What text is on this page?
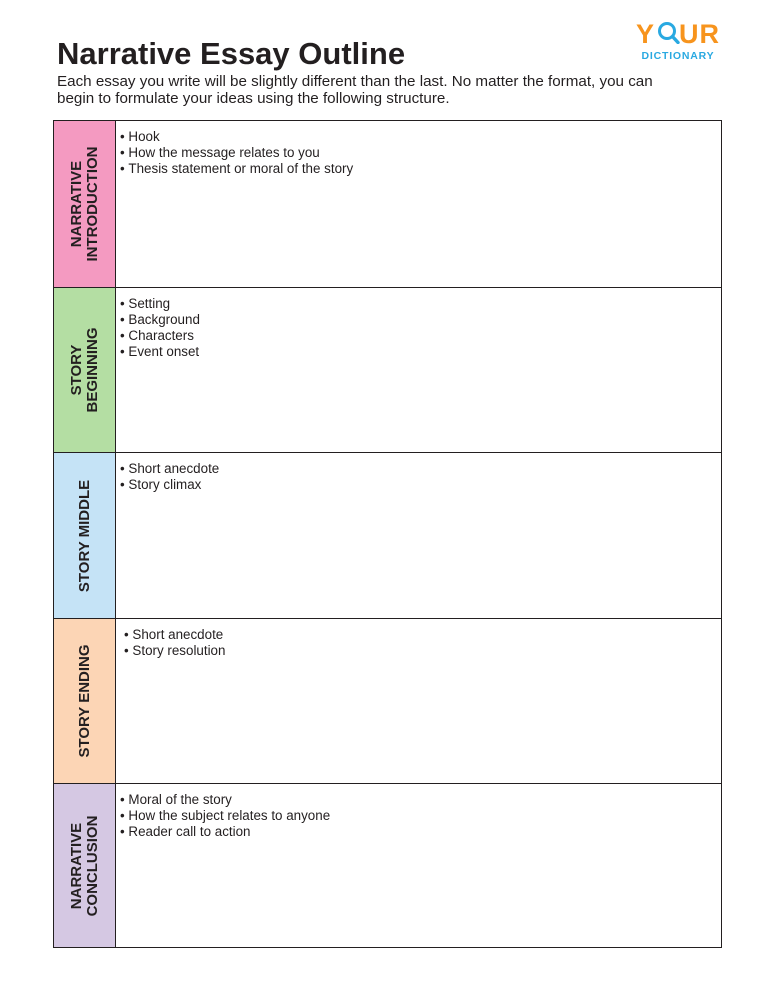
Narrative Essay Outline

Each essay you write will be slightly different than the last. No matter the format, you can begin to formulate your ideas using the following structure.

Y UR
DICTIONARY
NARRATIVE INTRODUCTION
• Hook
• How the message relates to you
• Thesis statement or moral of the story
STORY BEGINNING
• Setting
• Background
• Characters
• Event onset
STORY MIDDLE
• Short anecdote
• Story climax
STORY ENDING
• Short anecdote
• Story resolution
NARRATIVE CONCLUSION
• Moral of the story
• How the subject relates to anyone
• Reader call to action
